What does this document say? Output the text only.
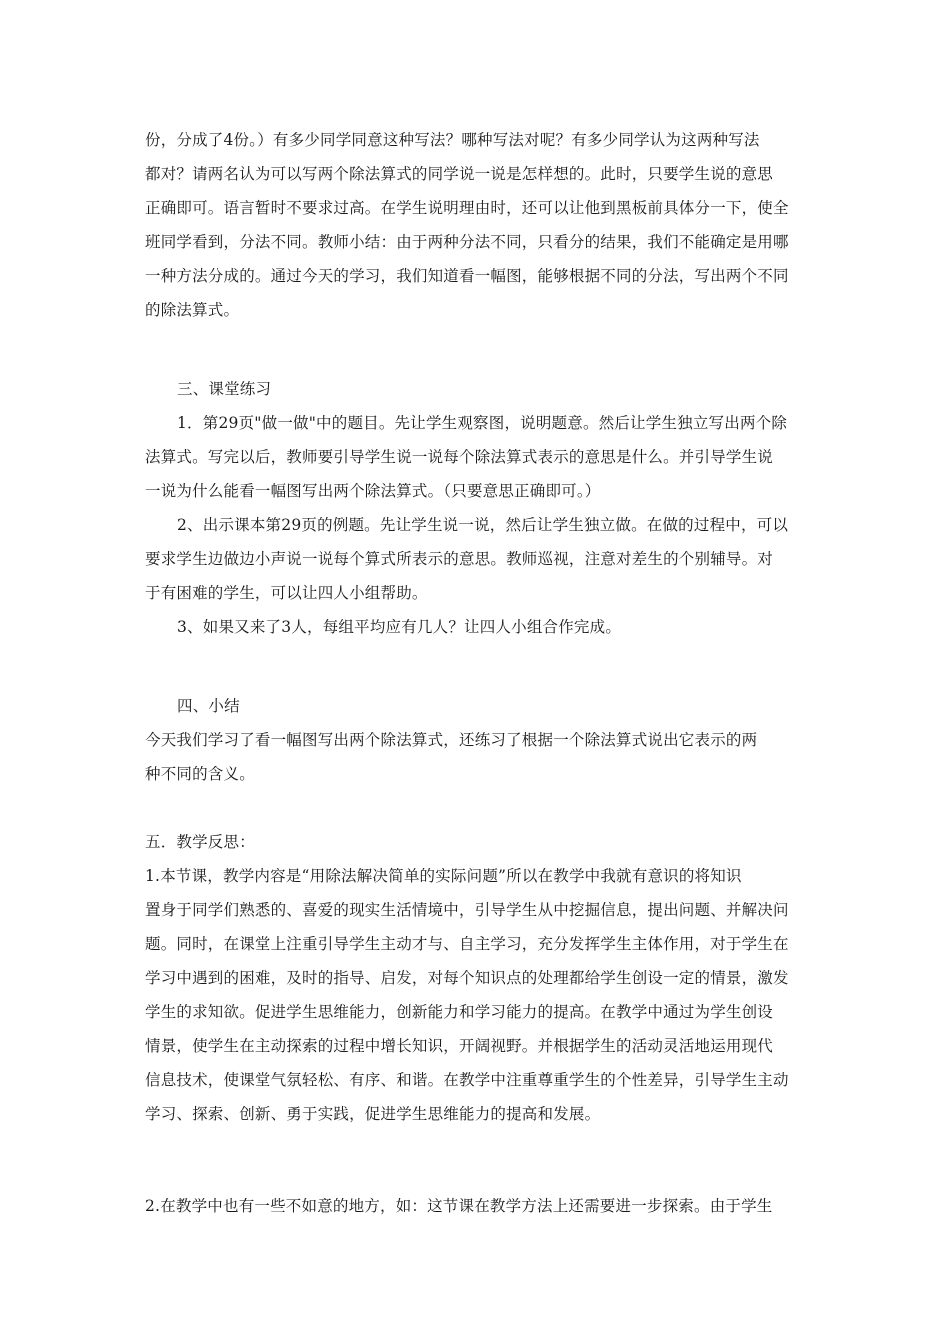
份，分成了4份。）有多少同学同意这种写法？哪种写法对呢？有多少同学认为这两种写法
都对？请两名认为可以写两个除法算式的同学说一说是怎样想的。此时，只要学生说的意思
正确即可。语言暂时不要求过高。在学生说明理由时，还可以让他到黑板前具体分一下，使全
班同学看到，分法不同。教师小结：由于两种分法不同，只看分的结果，我们不能确定是用哪
一种方法分成的。通过今天的学习，我们知道看一幅图，能够根据不同的分法，写出两个不同
的除法算式。
三、课堂练习
1．第29页"做一做"中的题目。先让学生观察图，说明题意。然后让学生独立写出两个除
法算式。写完以后，教师要引导学生说一说每个除法算式表示的意思是什么。并引导学生说
一说为什么能看一幅图写出两个除法算式。（只要意思正确即可。）
2、出示课本第29页的例题。先让学生说一说，然后让学生独立做。在做的过程中，可以
要求学生边做边小声说一说每个算式所表示的意思。教师巡视，注意对差生的个别辅导。对
于有困难的学生，可以让四人小组帮助。
3、如果又来了3人，每组平均应有几人？让四人小组合作完成。
四、小结
今天我们学习了看一幅图写出两个除法算式，还练习了根据一个除法算式说出它表示的两
种不同的含义。
五．教学反思：
1.本节课，教学内容是“用除法解决简单的实际问题”所以在教学中我就有意识的将知识
置身于同学们熟悉的、喜爱的现实生活情境中，引导学生从中挖掘信息，提出问题、并解决问
题。同时，在课堂上注重引导学生主动才与、自主学习，充分发挥学生主体作用，对于学生在
学习中遇到的困难，及时的指导、启发，对每个知识点的处理都给学生创设一定的情景，激发
学生的求知欲。促进学生思维能力，创新能力和学习能力的提高。在教学中通过为学生创设
情景，使学生在主动探索的过程中增长知识，开阔视野。并根据学生的活动灵活地运用现代
信息技术，使课堂气氛轻松、有序、和谐。在教学中注重尊重学生的个性差异，引导学生主动
学习、探索、创新、勇于实践，促进学生思维能力的提高和发展。
2.在教学中也有一些不如意的地方，如：这节课在教学方法上还需要进一步探索。由于学生
